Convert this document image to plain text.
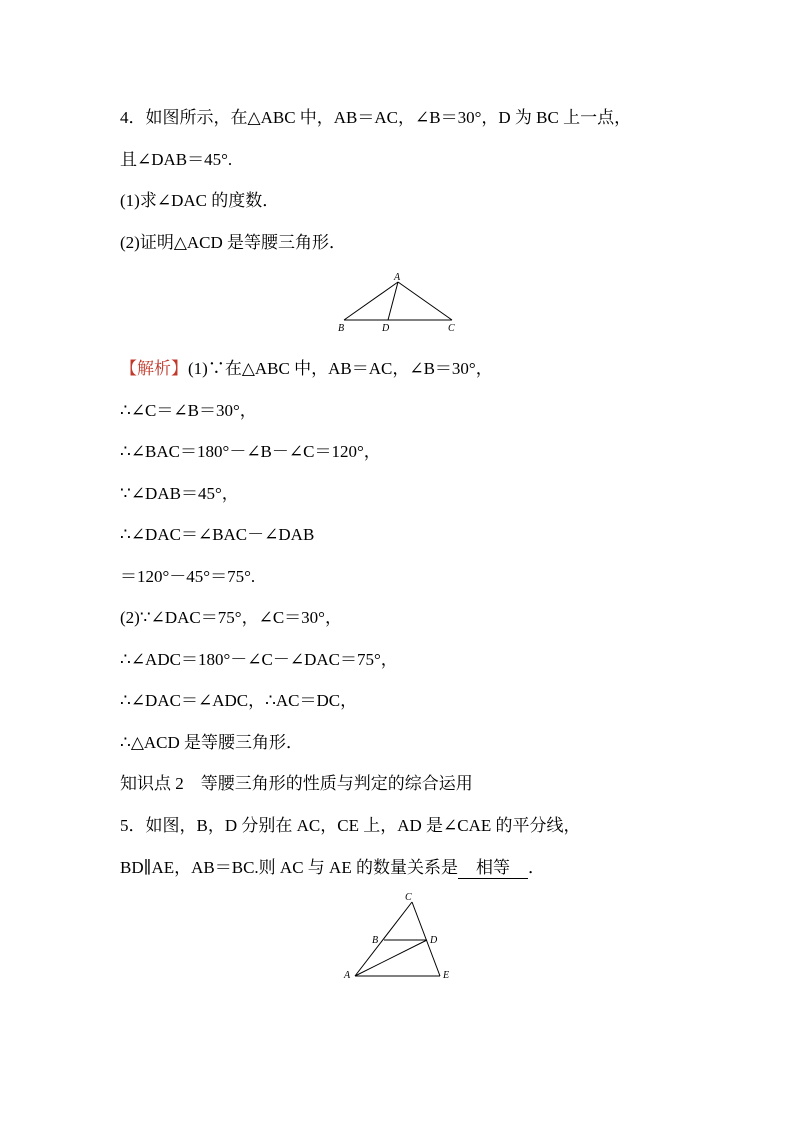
4．如图所示，在△ABC 中，AB＝AC，∠B＝30°，D 为 BC 上一点，
且∠DAB＝45°.
(1)求∠DAC 的度数．
(2)证明△ACD 是等腰三角形．
A
B	D	C
【解析】(1)∵在△ABC 中，AB＝AC，∠B＝30°，
∴∠C＝∠B＝30°，
∴∠BAC＝180°－∠B－∠C＝120°，
∵∠DAB＝45°，
∴∠DAC＝∠BAC－∠DAB
＝120°－45°＝75°.
(2)∵∠DAC＝75°，∠C＝30°，
∴∠ADC＝180°－∠C－∠DAC＝75°，
∴∠DAC＝∠ADC，∴AC＝DC，
∴△ACD 是等腰三角形．
知识点 2　等腰三角形的性质与判定的综合运用
5．如图，B，D 分别在 AC，CE 上，AD 是∠CAE 的平分线，
BD∥AE，AB＝BC.则 AC 与 AE 的数量关系是 相等 ．
C
B	D
A	E
